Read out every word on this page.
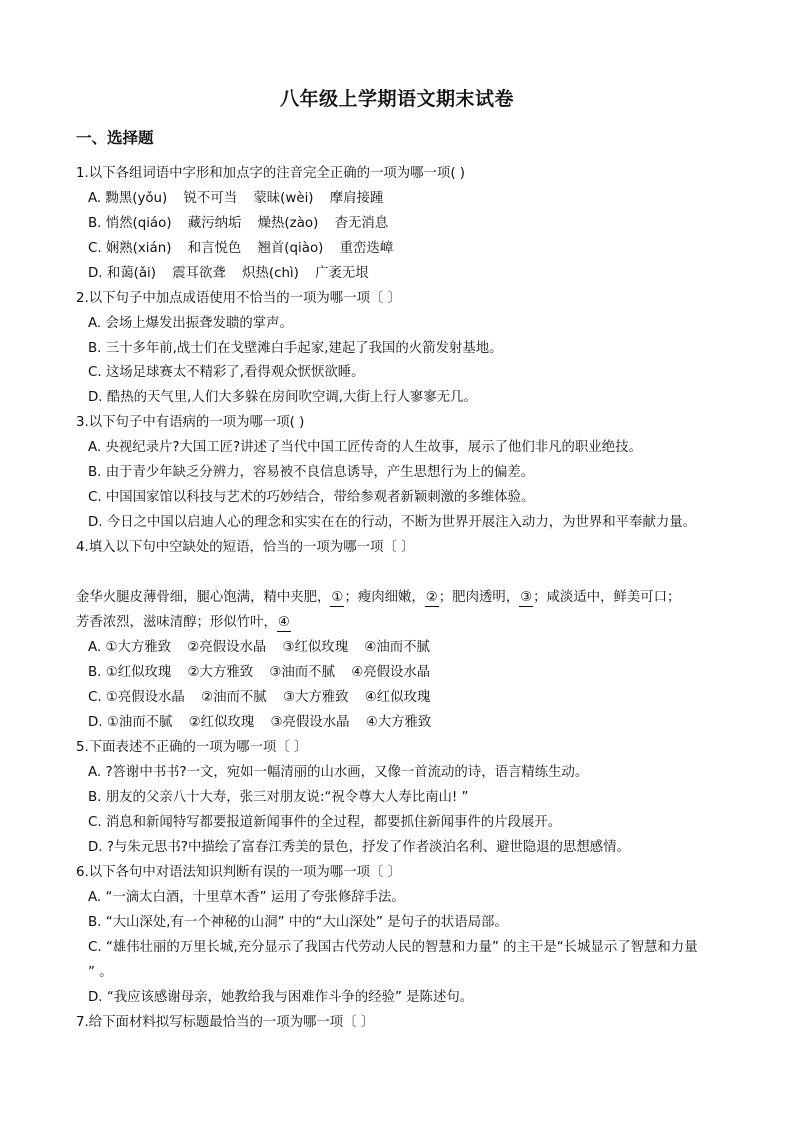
八年级上学期语文期末试卷
一、选择题
1.以下各组词语中字形和加点字的注音完全正确的一项为哪一项( )
A. 黝黑(yǒu) 锐不可当 蒙昧(wèi) 摩肩接踵
B. 悄然(qiáo) 藏污纳垢 燥热(zào) 杳无消息
C. 娴熟(xián) 和言悦色 翘首(qiào) 重峦迭嶂
D. 和蔼(ǎi) 震耳欲聋 炽热(chì) 广袤无垠
2.以下句子中加点成语使用不恰当的一项为哪一项〔 〕
A. 会场上爆发出振聋发聩的掌声。
B. 三十多年前,战士们在戈壁滩白手起家,建起了我国的火箭发射基地。
C. 这场足球赛太不精彩了,看得观众恹恹欲睡。
D. 酷热的天气里,人们大多躲在房间吹空调,大街上行人寥寥无几。
3.以下句子中有语病的一项为哪一项( )
A. 央视纪录片?大国工匠?讲述了当代中国工匠传奇的人生故事，展示了他们非凡的职业绝技。
B. 由于青少年缺乏分辨力，容易被不良信息诱导，产生思想行为上的偏差。
C. 中国国家馆以科技与艺术的巧妙结合，带给参观者新颖刺激的多维体验。
D. 今日之中国以启迪人心的理念和实实在在的行动，不断为世界开展注入动力，为世界和平奉献力量。
4.填入以下句中空缺处的短语，恰当的一项为哪一项〔 〕
金华火腿皮薄骨细，腿心饱满，精中夹肥，①；瘦肉细嫩，②；肥肉透明，③；咸淡适中，鲜美可口；
芳香浓烈，滋味清醇；形似竹叶，④
A. ①大方雅致 ②亮假设水晶 ③红似玫瑰 ④油而不腻
B. ①红似玫瑰 ②大方雅致 ③油而不腻 ④亮假设水晶
C. ①亮假设水晶 ②油而不腻 ③大方雅致 ④红似玫瑰
D. ①油而不腻 ②红似玫瑰 ③亮假设水晶 ④大方雅致
5.下面表述不正确的一项为哪一项〔 〕
A. ?答谢中书书?一文，宛如一幅清丽的山水画，又像一首流动的诗，语言精练生动。
B. 朋友的父亲八十大寿，张三对朋友说:“祝令尊大人寿比南山! ”
C. 消息和新闻特写都要报道新闻事件的全过程，都要抓住新闻事件的片段展开。
D. ?与朱元思书?中描绘了富春江秀美的景色，抒发了作者淡泊名利、避世隐退的思想感情。
6.以下各句中对语法知识判断有误的一项为哪一项〔 〕
A. “一滴太白酒，十里草木香” 运用了夸张修辞手法。
B. “大山深处,有一个神秘的山洞” 中的“大山深处” 是句子的状语局部。
C. “雄伟壮丽的万里长城,充分显示了我国古代劳动人民的智慧和力量” 的主干是“长城显示了智慧和力量
” 。
D. “我应该感谢母亲，她教给我与困难作斗争的经验” 是陈述句。
7.给下面材料拟写标题最恰当的一项为哪一项〔 〕
